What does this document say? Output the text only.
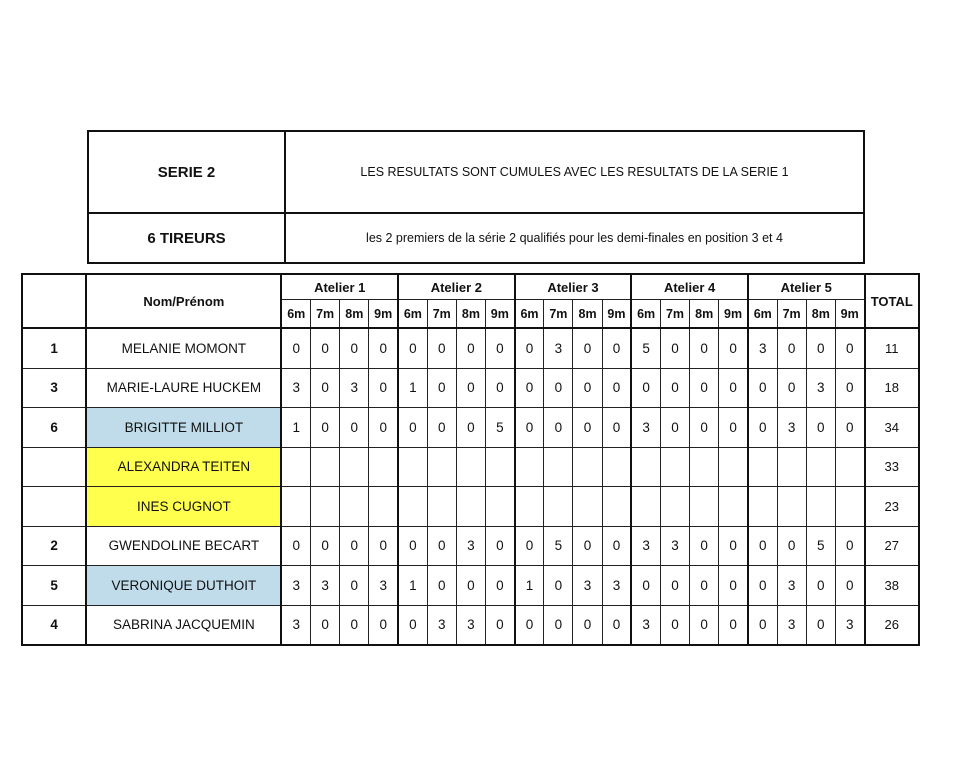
SERIE 2	LES RESULTATS SONT CUMULES AVEC LES RESULTATS DE LA SERIE 1
6 TIREURS	les 2 premiers de la série 2 qualifiés pour les demi-finales en position 3 et 4
	Nom/Prénom	Atelier 1				Atelier 2				Atelier 3				Atelier 4				Atelier 5				TOTAL
		6m	7m	8m	9m	6m	7m	8m	9m	6m	7m	8m	9m	6m	7m	8m	9m	6m	7m	8m	9m	
1	MELANIE MOMONT	0	0	0	0	0	0	0	0	0	3	0	0	5	0	0	0	3	0	0	0	11
3	MARIE-LAURE HUCKEM	3	0	3	0	1	0	0	0	0	0	0	0	0	0	0	0	0	0	3	0	18
6	BRIGITTE MILLIOT	1	0	0	0	0	0	0	5	0	0	0	0	3	0	0	0	0	3	0	0	34
	ALEXANDRA TEITEN																					33
	INES CUGNOT																					23
2	GWENDOLINE BECART	0	0	0	0	0	0	3	0	0	5	0	0	3	3	0	0	0	0	5	0	27
5	VERONIQUE DUTHOIT	3	3	0	3	1	0	0	0	1	0	3	3	0	0	0	0	0	3	0	0	38
4	SABRINA JACQUEMIN	3	0	0	0	0	3	3	0	0	0	0	0	3	0	0	0	0	3	0	3	26
